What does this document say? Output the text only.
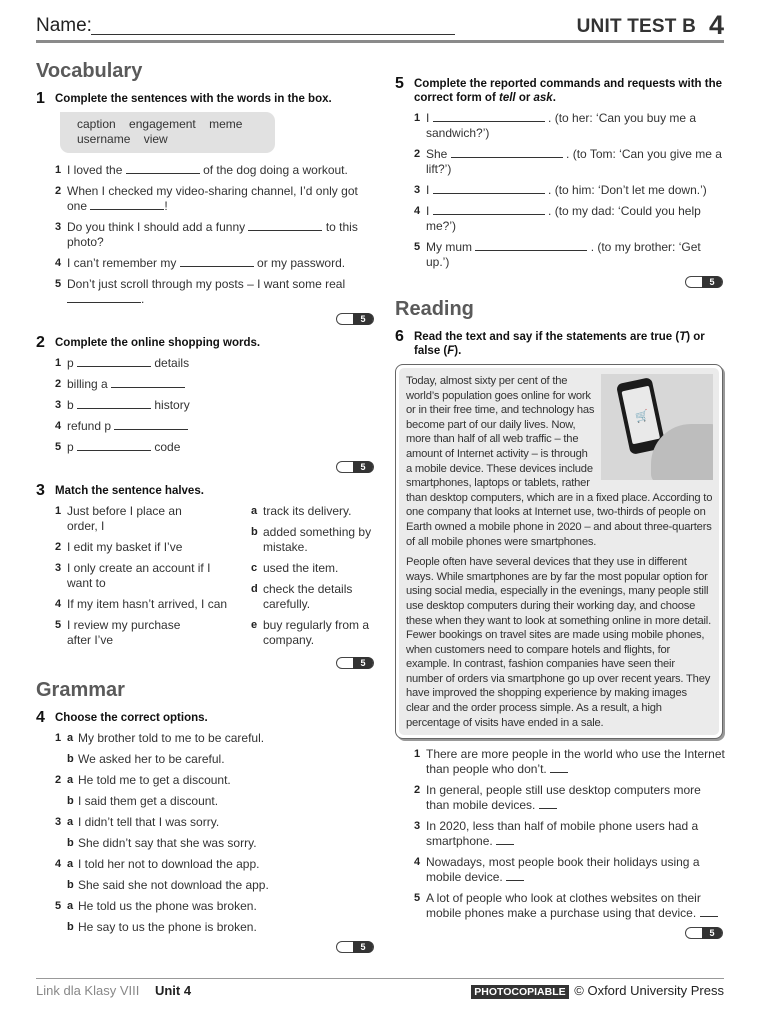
Name:	UNIT TEST B 4
Vocabulary
1 Complete the sentences with the words in the box.
caption engagement meme
username view
1 I loved the	of the dog doing a workout.
2 When I checked my video-sharing channel, I’d only got one	!
3 Do you think I should add a funny	to this photo?
4 I can’t remember my	or my password.
5 Don’t just scroll through my posts – I want some real .
5
2 Complete the online shopping words.
1 p	details
2 billing a
3 b	history
4 refund p
5 p	code
5
3 Match the sentence halves.
1 Just before I place an order, I
2 I edit my basket if I’ve
3 I only create an account if I want to
4 If my item hasn’t arrived, I can
5 I review my purchase after I’ve
a track its delivery.
b added something by mistake.
c used the item.
d check the details carefully.
e buy regularly from a company.
5
Grammar
4 Choose the correct options.
1 a My brother told to me to be careful.
b We asked her to be careful.
2 a He told me to get a discount.
b I said them get a discount.
3 a I didn’t tell that I was sorry.
b She didn’t say that she was sorry.
4 a I told her not to download the app.
b She said she not download the app.
5 a He told us the phone was broken.
b He say to us the phone is broken.
5
5 Complete the reported commands and requests with the correct form of tell or ask.
1 I	. (to her: ‘Can you buy me a sandwich?’)
2 She	. (to Tom: ‘Can you give me a lift?’)
3 I	. (to him: ‘Don’t let me down.’)
4 I	. (to my dad: ‘Could you help me?’)
5 My mum	. (to my brother: ‘Get up.’)
5
Reading
6 Read the text and say if the statements are true (T) or false (F).
🛒

Today, almost sixty per cent of the world’s population goes online for work or in their free time, and technology has become part of our daily lives. Now, more than half of all web traffic – the amount of Internet activity – is through a mobile device. These devices include smartphones, laptops or tablets, rather than desktop computers, which are in a fixed place. According to one company that looks at Internet use, two-thirds of people on Earth owned a mobile phone in 2020 – and about three-quarters of all mobile phones were smartphones.

People often have several devices that they use in different ways. While smartphones are by far the most popular option for using social media, especially in the evenings, many people still use desktop computers during their working day, and choose these when they want to look at something online in more detail. Fewer bookings on travel sites are made using mobile phones, when customers need to compare hotels and flights, for example. In contrast, fashion companies have seen their number of orders via smartphone go up over recent years. They have improved the shopping experience by making images clear and the order process simple. As a result, a high percentage of visits have ended in a sale.

1 There are more people in the world who use the Internet than people who don’t.
2 In general, people still use desktop computers more than mobile devices.
3 In 2020, less than half of mobile phone users had a smartphone.
4 Nowadays, most people book their holidays using a mobile device.
5 A lot of people who look at clothes websites on their mobile phones make a purchase using that device.
5
Link dla Klasy VIII Unit 4	PHOTOCOPIABLE © Oxford University Press
